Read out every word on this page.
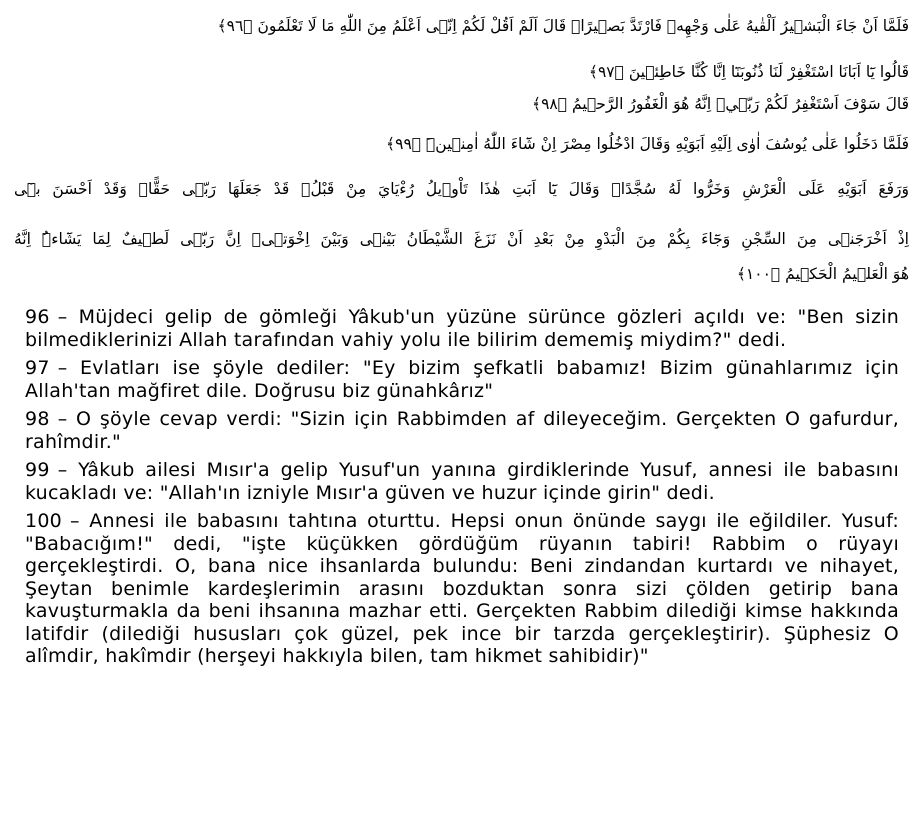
فَلَمَّا اَنْ جَاءَ الْبَشٖيرُ اَلْقٰيهُ عَلٰى وَجْهِهٖ فَارْتَدَّ بَصٖيرًاۚ قَالَ اَلَمْ اَقُلْ لَكُمْ اِنّٖى اَعْلَمُ مِنَ اللّٰهِ مَا لَا تَعْلَمُونَ ﴿٩٦﴾
قَالُوا يَٓا اَبَانَا اسْتَغْفِرْ لَنَا ذُنُوبَنَٓا اِنَّا كُنَّا خَاطِئٖينَ ﴿٩٧﴾
قَالَ سَوْفَ اَسْتَغْفِرُ لَكُمْ رَبّٖيۜ اِنَّهُ هُوَ الْغَفُورُ الرَّحٖيمُ ﴿٩٨﴾
فَلَمَّا دَخَلُوا عَلٰى يُوسُفَ اٰوٰى اِلَيْهِ اَبَوَيْهِ وَقَالَ ادْخُلُوا مِصْرَ اِنْ شَٓاءَ اللّٰهُ اٰمِنٖينَۜ ﴿٩٩﴾
وَرَفَعَ اَبَوَيْهِ عَلَى الْعَرْشِ وَخَرُّوا لَهُ سُجَّدًاۚ وَقَالَ يَٓا اَبَتِ هٰذَا تَاْوٖيلُ رُءْيَايَ مِنْ قَبْلُۘ قَدْ جَعَلَهَا رَبّٖى حَقًّاۜ وَقَدْ اَحْسَنَ بٖٓى
اِذْ اَخْرَجَنٖى مِنَ السِّجْنِ وَجَٓاءَ بِكُمْ مِنَ الْبَدْوِ مِنْ بَعْدِ اَنْ نَزَغَ الشَّيْطَانُ بَيْنٖى وَبَيْنَ اِخْوَتٖیۜ اِنَّ رَبّٖى لَطٖيفٌ لِمَا يَشَٓاءُۜ اِنَّهُ
هُوَ الْعَلٖيمُ الْحَكٖيمُ ﴿١٠٠﴾

96 – Müjdeci gelip de gömleği Yâkub'un yüzüne sürünce gözleri açıldı ve: "Ben sizin bilmediklerinizi Allah tarafından vahiy yolu ile bilirim dememiş miydim?" dedi.

97 – Evlatları ise şöyle dediler: "Ey bizim şefkatli babamız! Bizim günahlarımız için Allah'tan mağfiret dile. Doğrusu biz günahkârız"

98 – O şöyle cevap verdi: "Sizin için Rabbimden af dileyeceğim. Gerçekten O gafurdur, rahîmdir."

99 – Yâkub ailesi Mısır'a gelip Yusuf'un yanına girdiklerinde Yusuf, annesi ile babasını kucakladı ve: "Allah'ın izniyle Mısır'a güven ve huzur içinde girin" dedi.

100 – Annesi ile babasını tahtına oturttu. Hepsi onun önünde saygı ile eğildiler. Yusuf: "Babacığım!" dedi, "işte küçükken gördüğüm rüyanın tabiri! Rabbim o rüyayı gerçekleştirdi. O, bana nice ihsanlarda bulundu: Beni zindandan kurtardı ve nihayet, Şeytan benimle kardeşlerimin arasını bozduktan sonra sizi çölden getirip bana kavuşturmakla da beni ihsanına mazhar etti. Gerçekten Rabbim dilediği kimse hakkında latifdir (dilediği hususları çok güzel, pek ince bir tarzda gerçekleştirir). Şüphesiz O alîmdir, hakîmdir (herşeyi hakkıyla bilen, tam hikmet sahibidir)"
